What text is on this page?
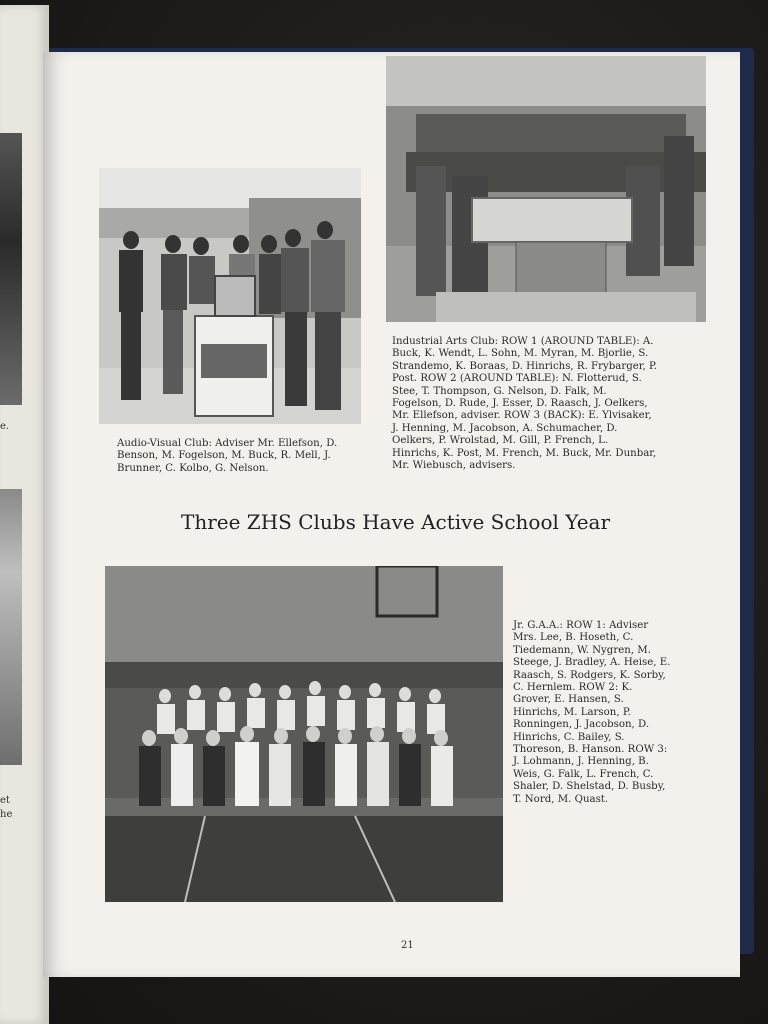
e.
et
he
Audio-Visual Club: Adviser Mr. Ellefson, D. Benson, M. Fogelson, M. Buck, R. Mell, J. Brunner, C. Kolbo, G. Nelson.
Industrial Arts Club: ROW 1 (AROUND TABLE): A. Buck, K. Wendt, L. Sohn, M. Myran, M. Bjorlie, S. Strandemo, K. Boraas, D. Hinrichs, R. Frybarger, P. Post. ROW 2 (AROUND TABLE): N. Flotterud, S. Stee, T. Thompson, G. Nelson, D. Falk, M. Fogelson, D. Rude, J. Esser, D. Raasch, J. Oelkers, Mr. Ellefson, adviser. ROW 3 (BACK): E. Ylvisaker, J. Henning, M. Jacobson, A. Schumacher, D. Oelkers, P. Wrolstad, M. Gill, P. French, L. Hinrichs, K. Post, M. French, M. Buck, Mr. Dunbar, Mr. Wiebusch, advisers.
Three ZHS Clubs Have Active School Year
Jr. G.A.A.: ROW 1: Adviser Mrs. Lee, B. Hoseth, C. Tiedemann, W. Nygren, M. Steege, J. Bradley, A. Heise, E. Raasch, S. Rodgers, K. Sorby, C. Hernlem. ROW 2: K. Grover, E. Hansen, S. Hinrichs, M. Larson, P. Ronningen, J. Jacobson, D. Hinrichs, C. Bailey, S. Thoreson, B. Hanson. ROW 3: J. Lohmann, J. Henning, B. Weis, G. Falk, L. French, C. Shaler, D. Shelstad, D. Busby, T. Nord, M. Quast.
21
